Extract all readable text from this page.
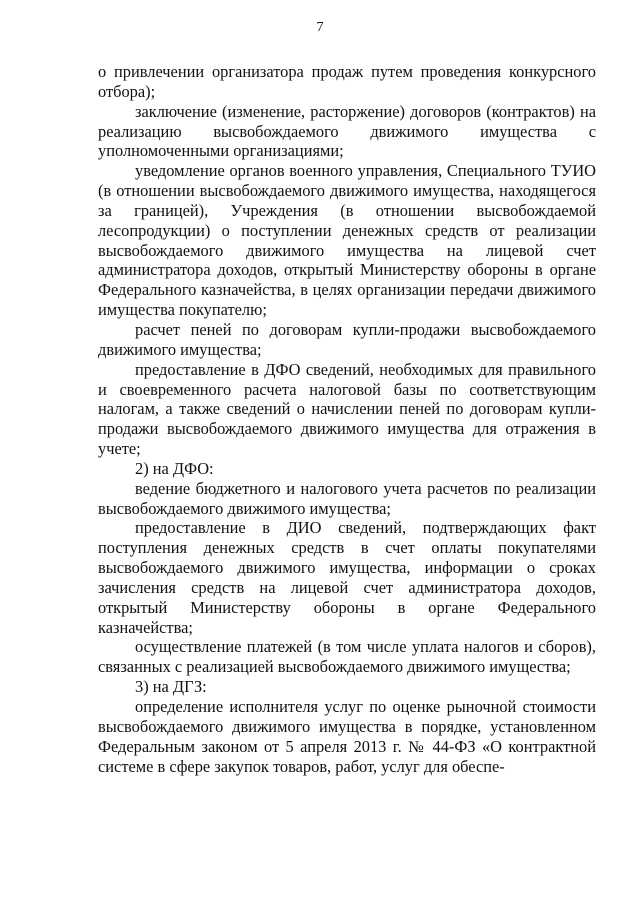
7

о привлечении организатора продаж путем проведения конкурсного отбора);

заключение (изменение, расторжение) договоров (контрактов) на реализацию высвобождаемого движимого имущества с уполномоченными организациями;

уведомление органов военного управления, Специального ТУИО (в отношении высвобождаемого движимого имущества, находящегося за границей), Учреждения (в отношении высвобождаемой лесопродукции) о поступлении денежных средств от реализации высвобождаемого движимого имущества на лицевой счет администратора доходов, открытый Министерству обороны в органе Федерального казначейства, в целях организации передачи движимого имущества покупателю;

расчет пеней по договорам купли-продажи высвобождаемого движимого имущества;

предоставление в ДФО сведений, необходимых для правильного и своевременного расчета налоговой базы по соответствующим налогам, а также сведений о начислении пеней по договорам купли-продажи высвобождаемого движимого имущества для отражения в учете;

2) на ДФО:

ведение бюджетного и налогового учета расчетов по реализации высвобождаемого движимого имущества;

предоставление в ДИО сведений, подтверждающих факт поступления денежных средств в счет оплаты покупателями высвобождаемого движимого имущества, информации о сроках зачисления средств на лицевой счет администратора доходов, открытый Министерству обороны в органе Федерального казначейства;

осуществление платежей (в том числе уплата налогов и сборов), связанных с реализацией высвобождаемого движимого имущества;

3) на ДГЗ:

определение исполнителя услуг по оценке рыночной стоимости высвобождаемого движимого имущества в порядке, установленном Федеральным законом от 5 апреля 2013 г. № 44-ФЗ «О контрактной системе в сфере закупок товаров, работ, услуг для обеспе-
